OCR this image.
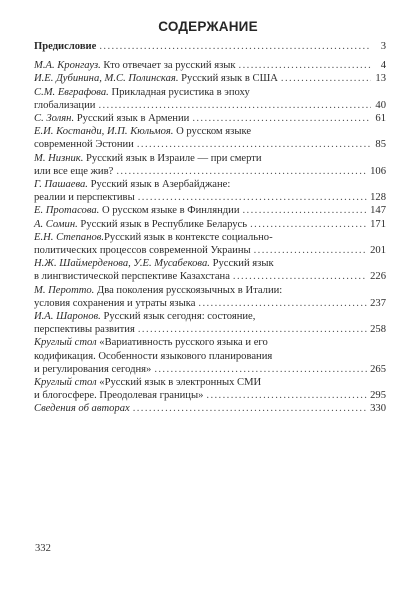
СОДЕРЖАНИЕ
Предисловие .....	3
М.А. Кронгауз. Кто отвечает за русский язык .....	4
И.Е. Дубинина, М.С. Полинская. Русский язык в США .....	13
С.М. Евграфова. Прикладная русистика в эпоху
глобализации .....	40
С. Золян. Русский язык в Армении .....	61
Е.И. Костанди, И.П. Кюльмоя. О русском языке
современной Эстонии .....	85
М. Низник. Русский язык в Израиле — при смерти
или все еще жив? .....	106
Г. Пашаева. Русский язык в Азербайджане:
реалии и перспективы .....	128
Е. Протасова. О русском языке в Финляндии .....	147
А. Сомин. Русский язык в Республике Беларусь .....	171
Е.Н. Степанов.Русский язык в контексте социально-
политических процессов современной Украины .....	201
Н.Ж. Шаймерденова, У.Е. Мусабекова. Русский язык
в лингвистической перспективе Казахстана .....	226
М. Перотто. Два поколения русскоязычных в Италии:
условия сохранения и утраты языка .....	237
И.А. Шаронов. Русский язык сегодня: состояние,
перспективы развития .....	258
Круглый стол «Вариативность русского языка и его
кодификация. Особенности языкового планирования
и регулирования сегодня» .....	265
Круглый стол «Русский язык в электронных СМИ
и блогосфере. Преодолевая границы» .....	295
Сведения об авторах .....	330
332
